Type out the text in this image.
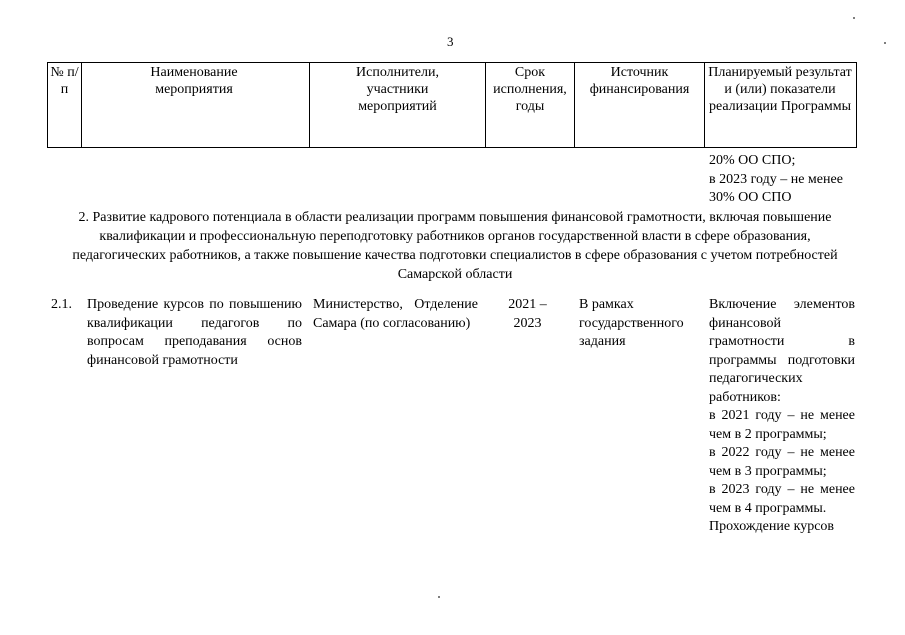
3
№ п/п
Наименование мероприятия
Исполнители, участники мероприятий
Срок исполнения, годы
Источник финансирования
Планируемый результат и (или) показатели реализации Программы
20% ОО СПО;
в 2023 году – не менее
30% ОО СПО
2. Развитие кадрового потенциала в области реализации программ повышения финансовой грамотности, включая повышение квалификации и профессиональную переподготовку работников органов государственной власти в сфере образования, педагогических работников, а также повышение качества подготовки специалистов в сфере образования с учетом потребностей Самарской области
2.1.	Проведение курсов по повышению квалификации педагогов по вопросам преподавания основ финансовой грамотности
Министерство, Отделение Самара (по согласованию)
2021 – 2023
В рамках государственного задания
Включение элементов финансовой грамотности в программы подготовки педагогических работников:
в 2021 году – не менее чем в 2 программы;
в 2022 году – не менее чем в 3 программы;
в 2023 году – не менее чем в 4 программы.
Прохождение курсов
